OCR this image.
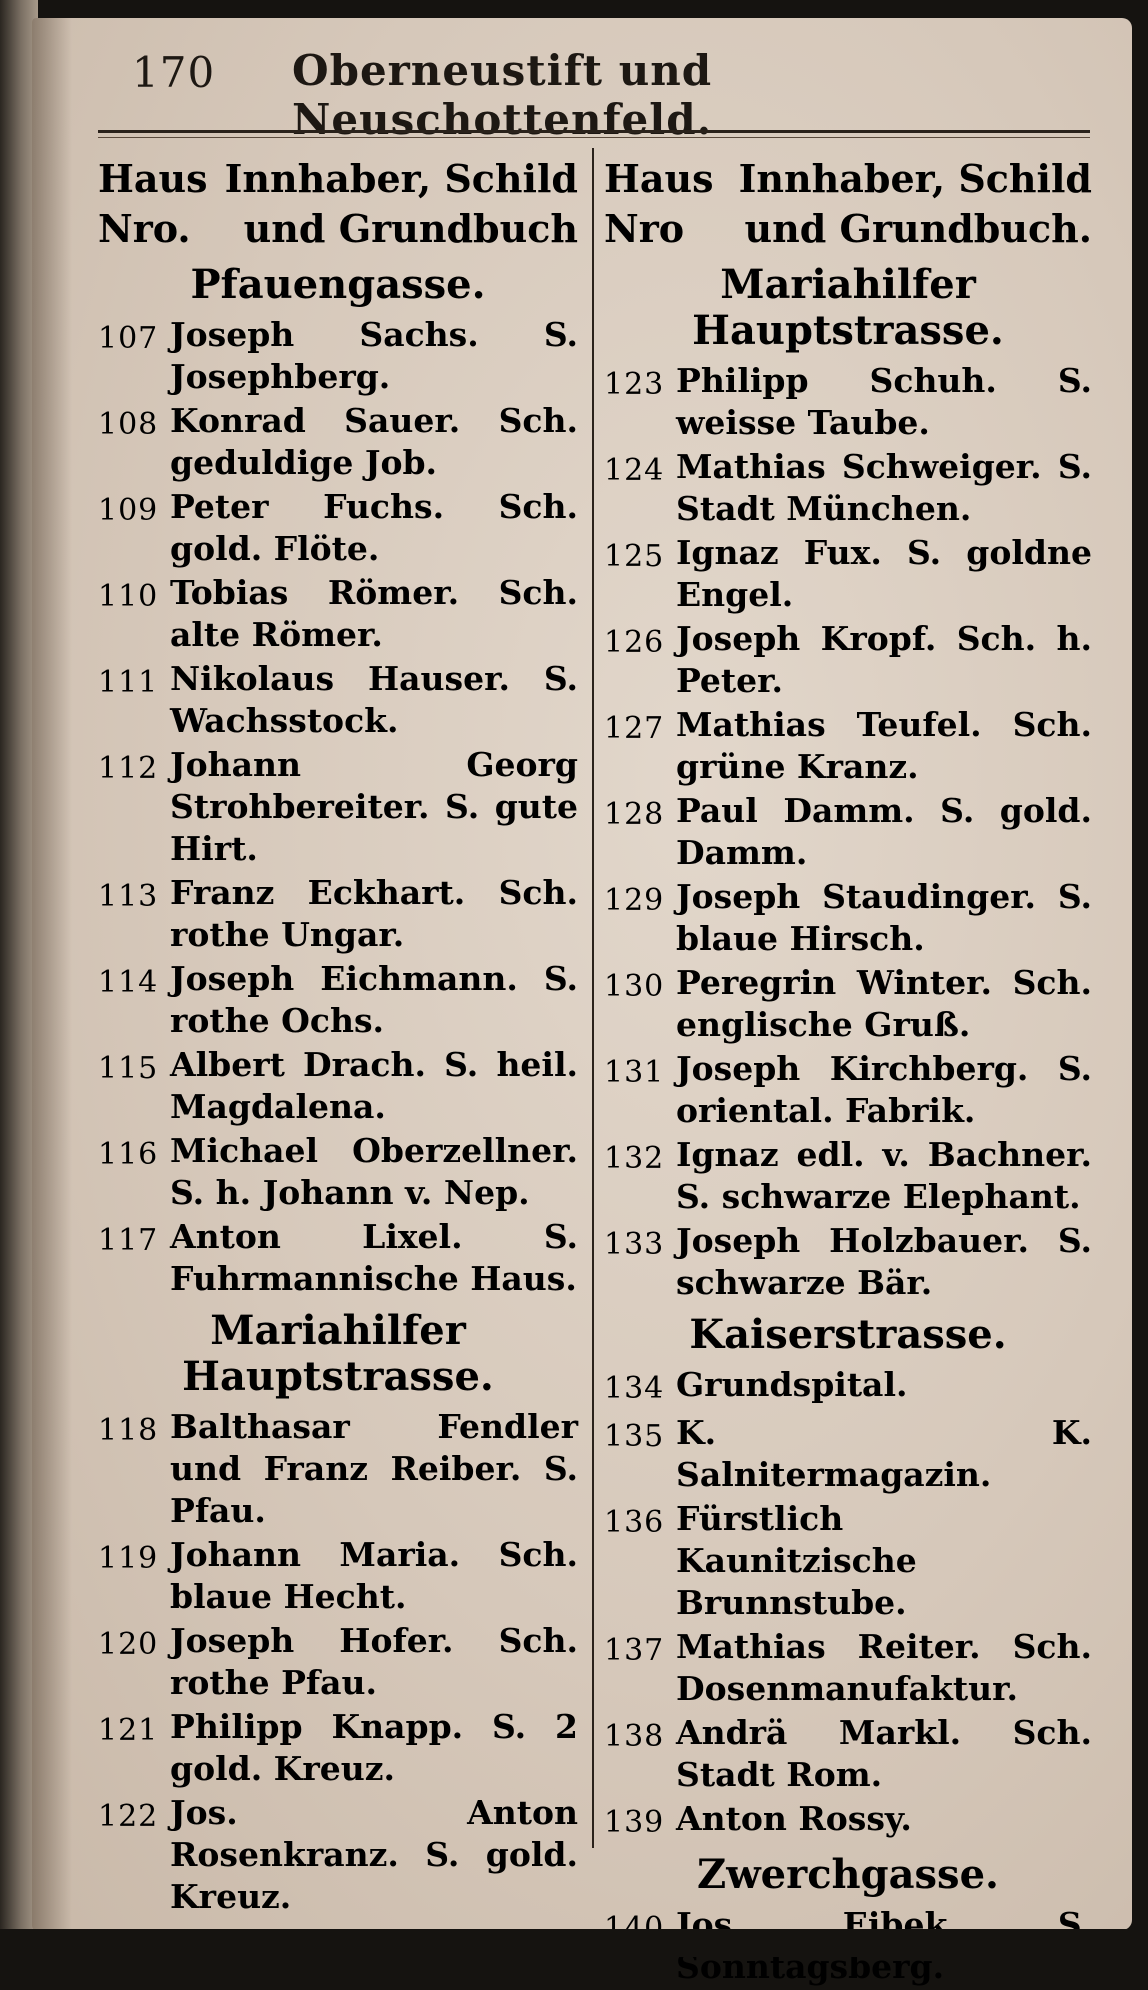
170 Oberneustift und Neuschottenfeld.
Haus Innhaber, Schild
Nro. und Grundbuch
Pfauengasse.
107 Joseph Sachs. S. Josephberg.
108 Konrad Sauer. Sch. geduldige Job.
109 Peter Fuchs. Sch. gold. Flöte.
110 Tobias Römer. Sch. alte Römer.
111 Nikolaus Hauser. S. Wachsstock.
112 Johann Georg Strohbereiter. S. gute Hirt.
113 Franz Eckhart. Sch. rothe Ungar.
114 Joseph Eichmann. S. rothe Ochs.
115 Albert Drach. S. heil. Magdalena.
116 Michael Oberzellner. S. h. Johann v. Nep.
117 Anton Lixel. S. Fuhrmannische Haus.
Mariahilfer Hauptstrasse.
118 Balthasar Fendler und Franz Reiber. S. Pfau.
119 Johann Maria. Sch. blaue Hecht.
120 Joseph Hofer. Sch. rothe Pfau.
121 Philipp Knapp. S. 2 gold. Kreuz.
122 Jos. Anton Rosenkranz. S. gold. Kreuz.
Haus Innhaber, Schild
Nro und Grundbuch.
Mariahilfer Hauptstrasse.
123 Philipp Schuh. S. weisse Taube.
124 Mathias Schweiger. S. Stadt München.
125 Ignaz Fux. S. goldne Engel.
126 Joseph Kropf. Sch. h. Peter.
127 Mathias Teufel. Sch. grüne Kranz.
128 Paul Damm. S. gold. Damm.
129 Joseph Staudinger. S. blaue Hirsch.
130 Peregrin Winter. Sch. englische Gruß.
131 Joseph Kirchberg. S. oriental. Fabrik.
132 Ignaz edl. v. Bachner. S. schwarze Elephant.
133 Joseph Holzbauer. S. schwarze Bär.
Kaiserstrasse.
134 Grundspital.
135 K. K. Salnitermagazin.
136 Fürstlich Kaunitzische Brunnstube.
137 Mathias Reiter. Sch. Dosenmanufaktur.
138 Andrä Markl. Sch. Stadt Rom.
139 Anton Rossy.
Zwerchgasse.
140 Jos. Eibek. S.
